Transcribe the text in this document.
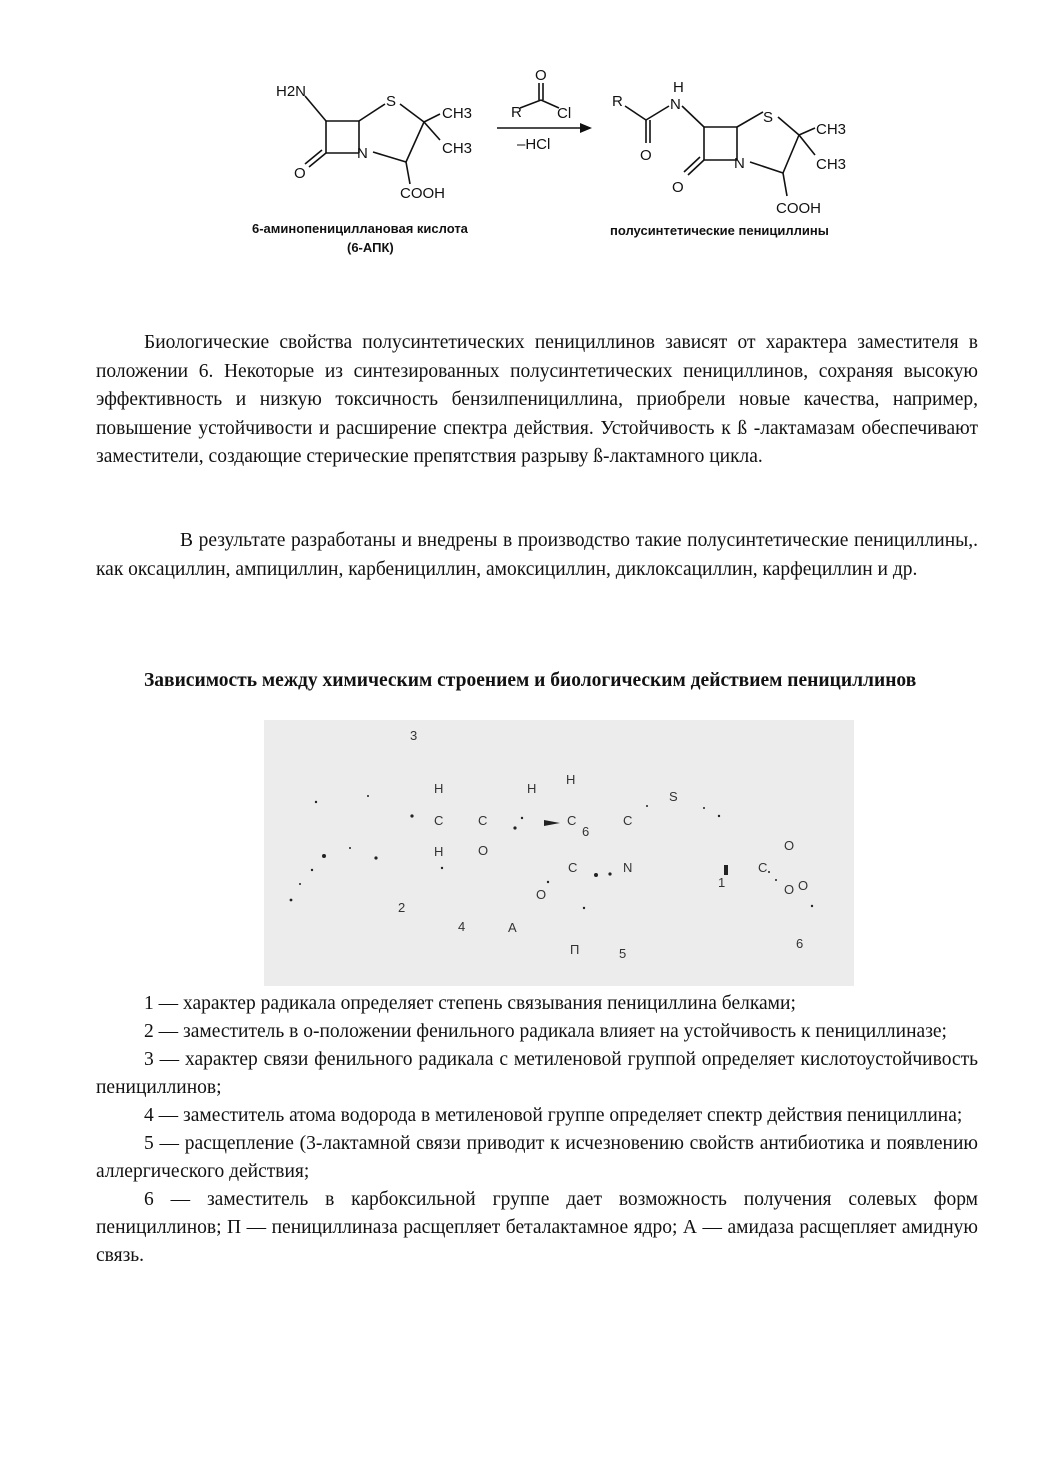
H2N
O
S
N
CH3
CH3
COOH
6-аминопенициллановая кислота
(6-АПК)
O
R Cl
–HCl
R
O
H
N
O
S
N
CH3
CH3
COOH
полусинтетические пенициллины

Биологические свойства полусинтетических пенициллинов зависят от характера заместителя в положении 6. Некоторые из синтезированных полусинтетических пенициллинов, сохраняя высокую эффективность и низкую токсичность бензилпенициллина, приобрели новые качества, например, повышение устойчивости и расширение спектра действия. Устойчивость к ß -лактамазам обеспечивают заместители, создающие стерические препятствия разрыву ß-лактамного цикла.

В результате разработаны и внедрены в производство такие полусинтетические пенициллины,. как оксациллин, ампициллин, карбенициллин, амоксициллин, диклоксациллин, карфециллин и др.

Зависимость между химическим строением и биологическим действием пенициллинов

3
H
C
H
C
O
H
H
C
6
C
S
C	N
O
O
C
O O
2
4	A
П	5
6
1

1 — характер радикала определяет степень связывания пенициллина белками;

2 — заместитель в о-положении фенильного радикала влияет на устойчивость к пенициллиназе;

3 — характер связи фенильного радикала с метиленовой группой определяет кислотоустойчивость пенициллинов;

4 — заместитель атома водорода в метиленовой группе определяет спектр действия пенициллина;

5 — расщепление (3-лактамной связи приводит к исчезновению свойств антибиотика и появлению аллергического действия;

6 — заместитель в карбоксильной группе дает возможность получения солевых форм пенициллинов; П — пенициллиназа расщепляет беталактамное ядро; А — амидаза расщепляет амидную связь.
